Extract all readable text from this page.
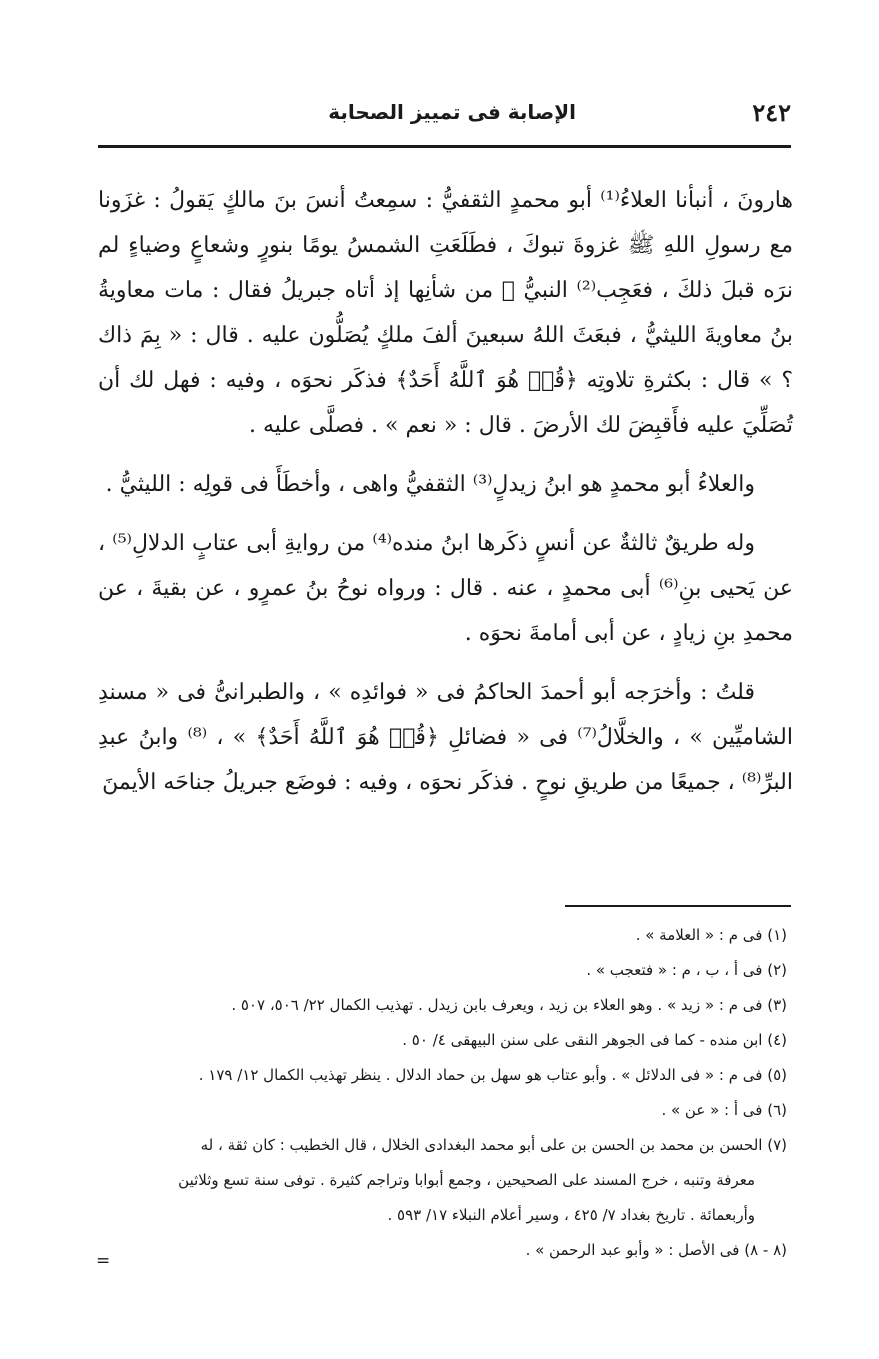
٢٤٢
الإصابة فى تمييز الصحابة

هارونَ ، أنبأنا العلاءُ⁽¹⁾ أبو محمدٍ الثقفيُّ : سمِعتُ أنسَ بنَ مالكٍ يَقولُ : غزَونا مع رسولِ اللهِ ﷺ غزوةَ تبوكَ ، فطَلَعَتِ الشمسُ يومًا بنورٍ وشعاعٍ وضياءٍ لم نرَه قبلَ ذلكَ ، فعَجِب⁽²⁾ النبيُّ ﷺ من شأنِها إذ أتاه جبريلُ فقال : مات معاويةُ بنُ معاويةَ الليثيُّ ، فبعَثَ اللهُ سبعينَ ألفَ ملكٍ يُصَلُّون عليه . قال : « بِمَ ذاك ؟ » قال : بكثرةِ تلاوتِه ﴿قُلۡ هُوَ ٱللَّهُ أَحَدٌ﴾ فذكَر نحوَه ، وفيه : فهل لك أن تُصَلِّيَ عليه فأَقبِضَ لك الأرضَ . قال : « نعم » . فصلَّى عليه .

والعلاءُ أبو محمدٍ هو ابنُ زيدلٍ⁽³⁾ الثقفيُّ واهى ، وأخطَأَ فى قولِه : الليثيُّ .

وله طريقٌ ثالثةٌ عن أنسٍ ذكَرها ابنُ منده⁽⁴⁾ من روايةِ أبى عتابٍ الدلالِ⁽⁵⁾ ، عن يَحيى بنِ⁽⁶⁾ أبى محمدٍ ، عنه . قال : ورواه نوحُ بنُ عمرٍو ، عن بقيةَ ، عن محمدِ بنِ زيادٍ ، عن أبى أمامةَ نحوَه .

قلتُ : وأخرَجه أبو أحمدَ الحاكمُ فى « فوائدِه » ، والطبرانىُّ فى « مسندِ الشاميِّين » ، والخلَّالُ⁽⁷⁾ فى « فضائلِ ﴿قُلۡ هُوَ ٱللَّهُ أَحَدٌ﴾ » ، ⁽⁸⁾ وابنُ عبدِ البرِّ⁽⁸⁾ ، جميعًا من طريقِ نوحٍ . فذكَر نحوَه ، وفيه : فوضَع جبريلُ جناحَه الأيمنَ

(١) فى م : « العلامة » .

(٢) فى أ ، ب ، م : « فتعجب » .

(٣) فى م : « زيد » . وهو العلاء بن زيد ، ويعرف بابن زيدل . تهذيب الكمال ٢٢/ ٥٠٦، ٥٠٧ .

(٤) ابن منده - كما فى الجوهر النقى على سنن البيهقى ٤/ ٥٠ .

(٥) فى م : « فى الدلائل » . وأبو عتاب هو سهل بن حماد الدلال . ينظر تهذيب الكمال ١٢/ ١٧٩ .

(٦) فى أ : « عن » .

(٧) الحسن بن محمد بن الحسن بن على أبو محمد البغدادى الخلال ، قال الخطيب : كان ثقة ، له

معرفة وتنبه ، خرج المسند على الصحيحين ، وجمع أبوابا وتراجم كثيرة . توفى سنة تسع وثلاثين

وأربعمائة . تاريخ بغداد ٧/ ٤٢٥ ، وسير أعلام النبلاء ١٧/ ٥٩٣ .

(٨ - ٨) فى الأصل : « وأبو عبد الرحمن » .

=
